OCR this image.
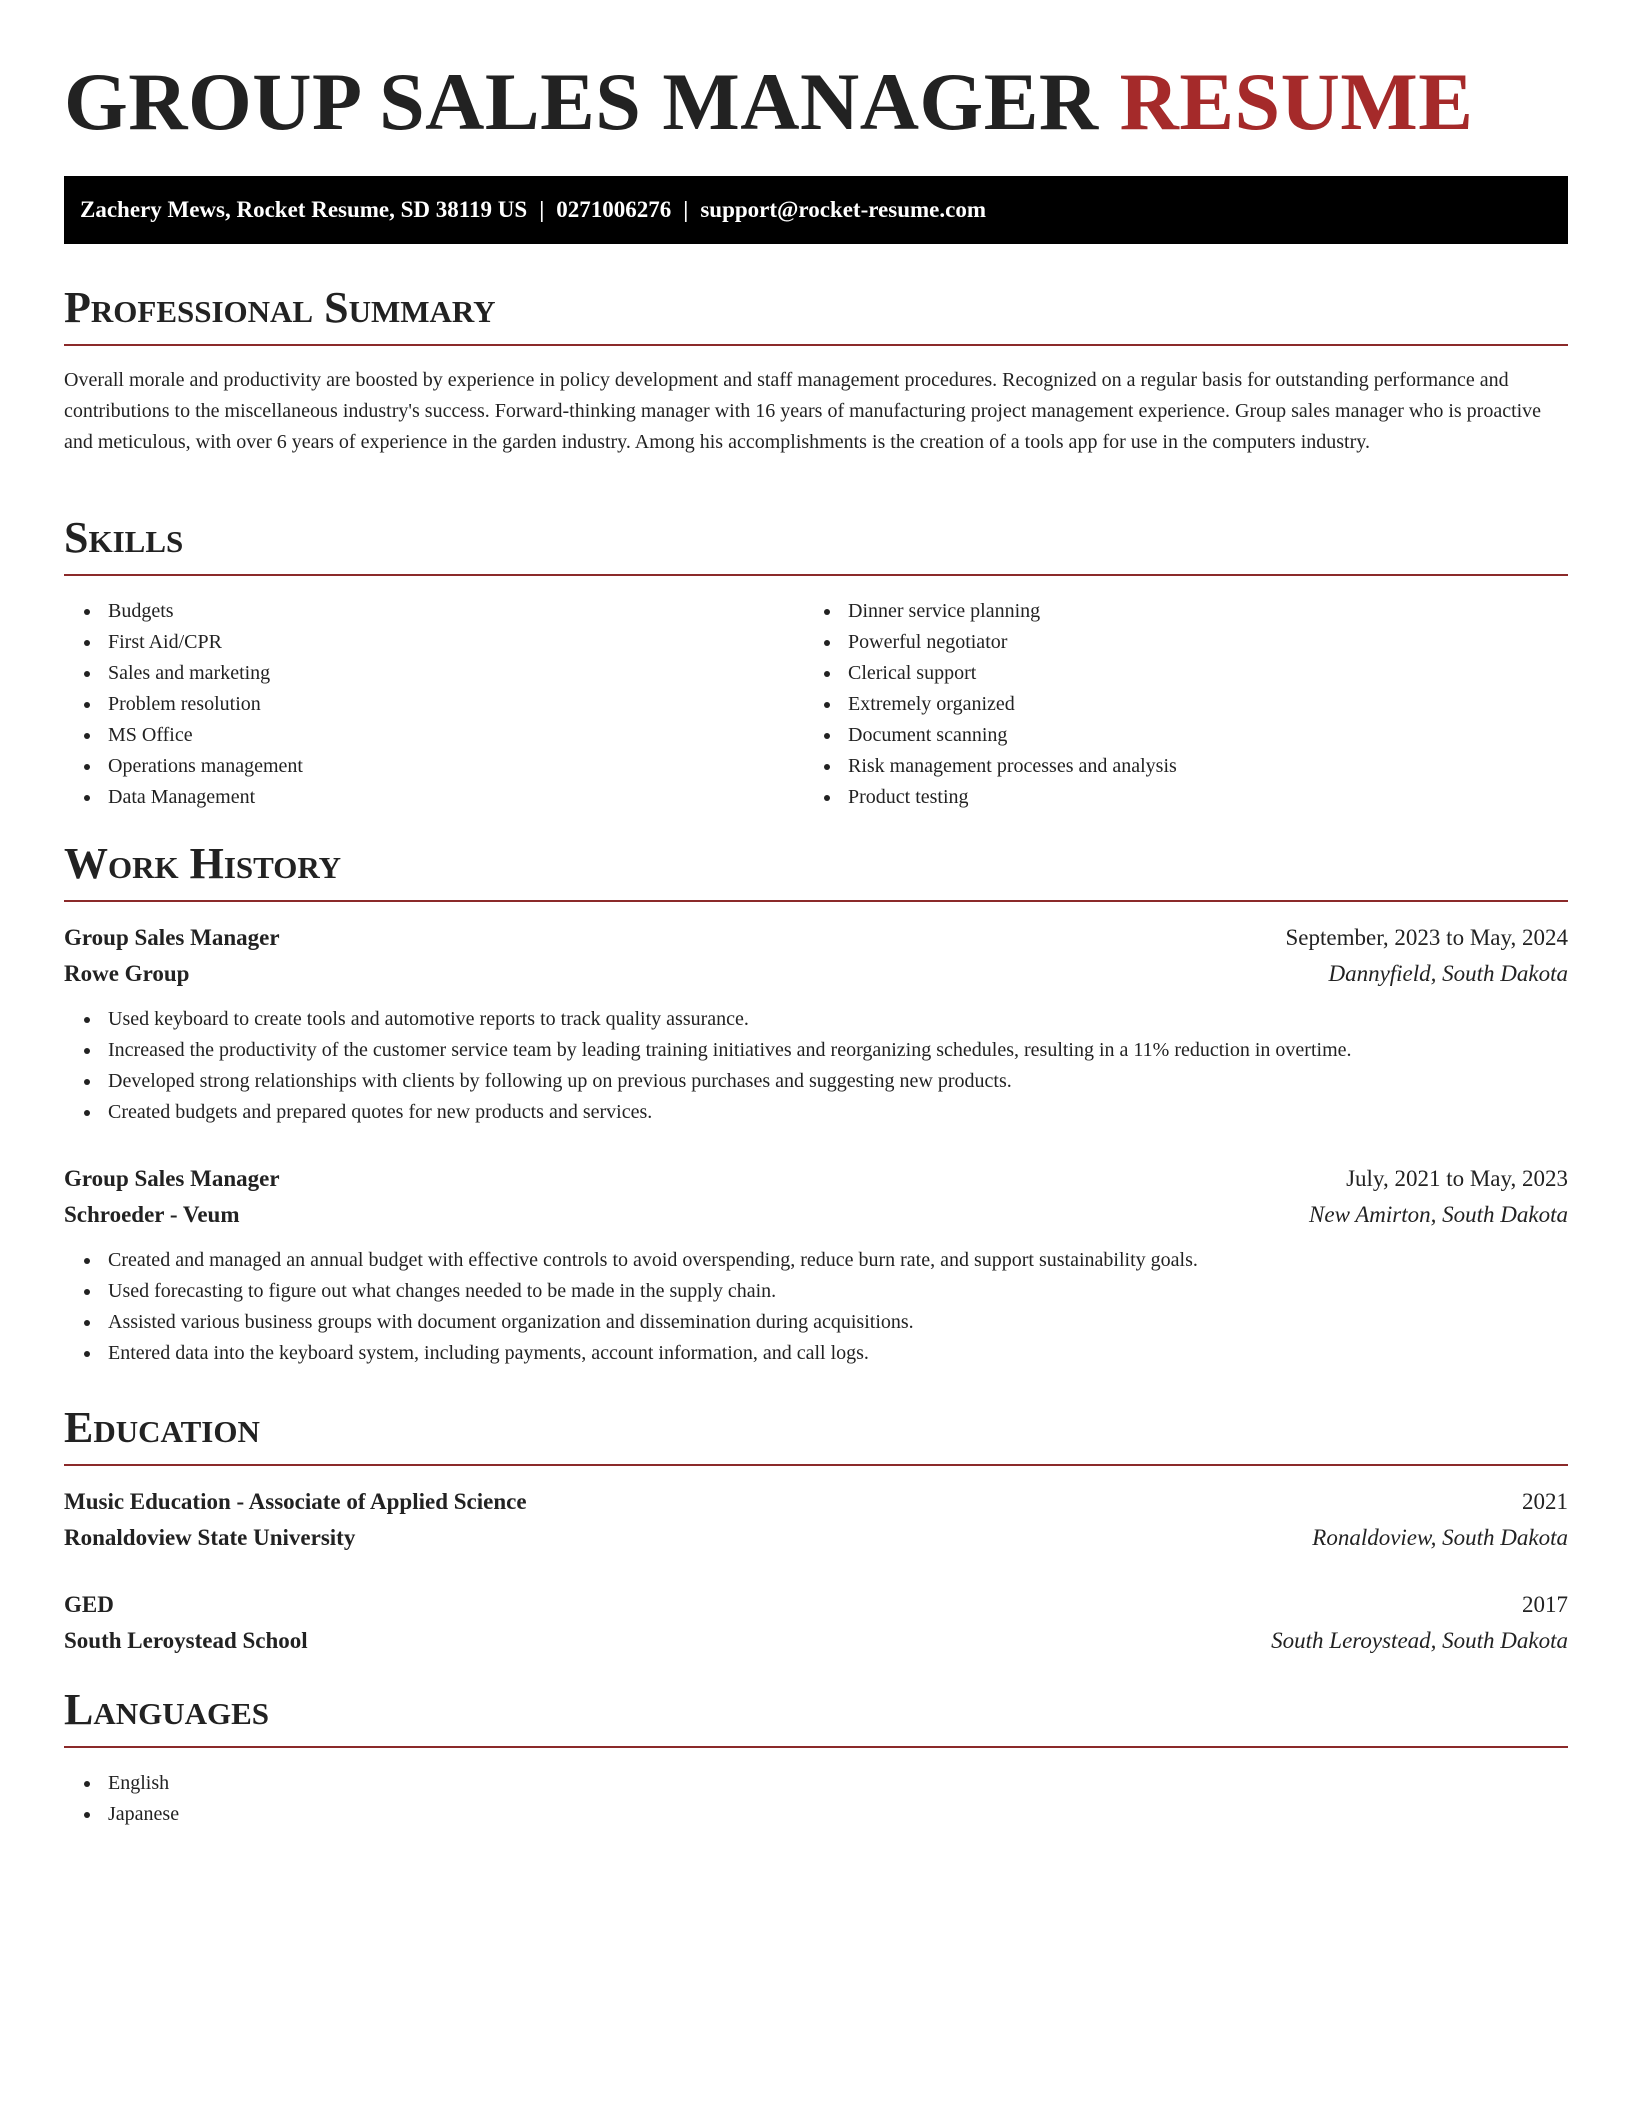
GROUP SALES MANAGER RESUME
Zachery Mews, Rocket Resume, SD 38119 US | 0271006276 | support@rocket-resume.com
Professional Summary

Overall morale and productivity are boosted by experience in policy development and staff management procedures. Recognized on a regular basis for outstanding performance and contributions to the miscellaneous industry's success. Forward-thinking manager with 16 years of manufacturing project management experience. Group sales manager who is proactive and meticulous, with over 6 years of experience in the garden industry. Among his accomplishments is the creation of a tools app for use in the computers industry.

Skills
Budgets
First Aid/CPR
Sales and marketing
Problem resolution
MS Office
Operations management
Data Management
Dinner service planning
Powerful negotiator
Clerical support
Extremely organized
Document scanning
Risk management processes and analysis
Product testing
Work History
Group Sales Manager	September, 2023 to May, 2024
Rowe Group	Dannyfield, South Dakota
Used keyboard to create tools and automotive reports to track quality assurance.
Increased the productivity of the customer service team by leading training initiatives and reorganizing schedules, resulting in a 11% reduction in overtime.
Developed strong relationships with clients by following up on previous purchases and suggesting new products.
Created budgets and prepared quotes for new products and services.
Group Sales Manager	July, 2021 to May, 2023
Schroeder - Veum	New Amirton, South Dakota
Created and managed an annual budget with effective controls to avoid overspending, reduce burn rate, and support sustainability goals.
Used forecasting to figure out what changes needed to be made in the supply chain.
Assisted various business groups with document organization and dissemination during acquisitions.
Entered data into the keyboard system, including payments, account information, and call logs.
Education
Music Education - Associate of Applied Science	2021
Ronaldoview State University	Ronaldoview, South Dakota
GED	2017
South Leroystead School	South Leroystead, South Dakota
Languages
English
Japanese
